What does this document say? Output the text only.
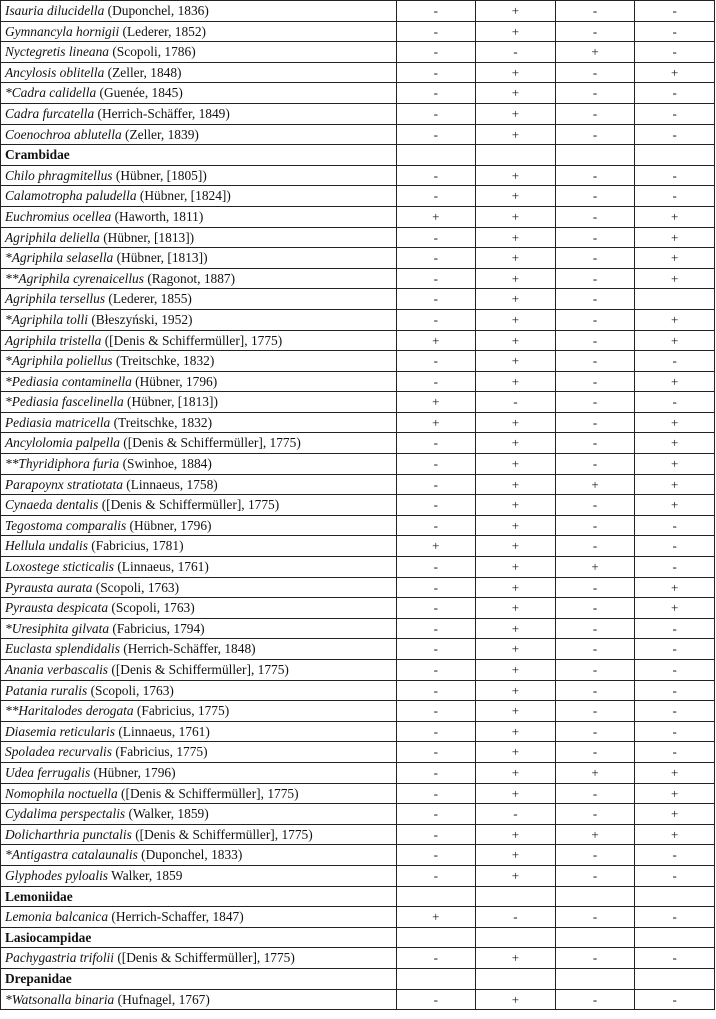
Isauria dilucidella (Duponchel, 1836)	-	+	-	-
Gymnancyla hornigii (Lederer, 1852)	-	+	-	-
Nyctegretis lineana (Scopoli, 1786)	-	-	+	-
Ancylosis oblitella (Zeller, 1848)	-	+	-	+
*Cadra calidella (Guenée, 1845)	-	+	-	-
Cadra furcatella (Herrich-Schäffer, 1849)	-	+	-	-
Coenochroa ablutella (Zeller, 1839)	-	+	-	-
Crambidae				
Chilo phragmitellus (Hübner, [1805])	-	+	-	-
Calamotropha paludella (Hübner, [1824])	-	+	-	-
Euchromius ocellea (Haworth, 1811)	+	+	-	+
Agriphila deliella (Hübner, [1813])	-	+	-	+
*Agriphila selasella (Hübner, [1813])	-	+	-	+
**Agriphila cyrenaicellus (Ragonot, 1887)	-	+	-	+
Agriphila tersellus (Lederer, 1855)	-	+	-	
*Agriphila tolli (Błeszyński, 1952)	-	+	-	+
Agriphila tristella ([Denis & Schiffermüller], 1775)	+	+	-	+
*Agriphila poliellus (Treitschke, 1832)	-	+	-	-
*Pediasia contaminella (Hübner, 1796)	-	+	-	+
*Pediasia fascelinella (Hübner, [1813])	+	-	-	-
Pediasia matricella (Treitschke, 1832)	+	+	-	+
Ancylolomia palpella ([Denis & Schiffermüller], 1775)	-	+	-	+
**Thyridiphora furia (Swinhoe, 1884)	-	+	-	+
Parapoynx stratiotata (Linnaeus, 1758)	-	+	+	+
Cynaeda dentalis ([Denis & Schiffermüller], 1775)	-	+	-	+
Tegostoma comparalis (Hübner, 1796)	-	+	-	-
Hellula undalis (Fabricius, 1781)	+	+	-	-
Loxostege sticticalis (Linnaeus, 1761)	-	+	+	-
Pyrausta aurata (Scopoli, 1763)	-	+	-	+
Pyrausta despicata (Scopoli, 1763)	-	+	-	+
*Uresiphita gilvata (Fabricius, 1794)	-	+	-	-
Euclasta splendidalis (Herrich-Schäffer, 1848)	-	+	-	-
Anania verbascalis ([Denis & Schiffermüller], 1775)	-	+	-	-
Patania ruralis (Scopoli, 1763)	-	+	-	-
**Haritalodes derogata (Fabricius, 1775)	-	+	-	-
Diasemia reticularis (Linnaeus, 1761)	-	+	-	-
Spoladea recurvalis (Fabricius, 1775)	-	+	-	-
Udea ferrugalis (Hübner, 1796)	-	+	+	+
Nomophila noctuella ([Denis & Schiffermüller], 1775)	-	+	-	+
Cydalima perspectalis (Walker, 1859)	-	-	-	+
Dolicharthria punctalis ([Denis & Schiffermüller], 1775)	-	+	+	+
*Antigastra catalaunalis (Duponchel, 1833)	-	+	-	-
Glyphodes pyloalis Walker, 1859	-	+	-	-
Lemoniidae				
Lemonia balcanica (Herrich-Schaffer, 1847)	+	-	-	-
Lasiocampidae				
Pachygastria trifolii ([Denis & Schiffermüller], 1775)	-	+	-	-
Drepanidae				
*Watsonalla binaria (Hufnagel, 1767)	-	+	-	-
